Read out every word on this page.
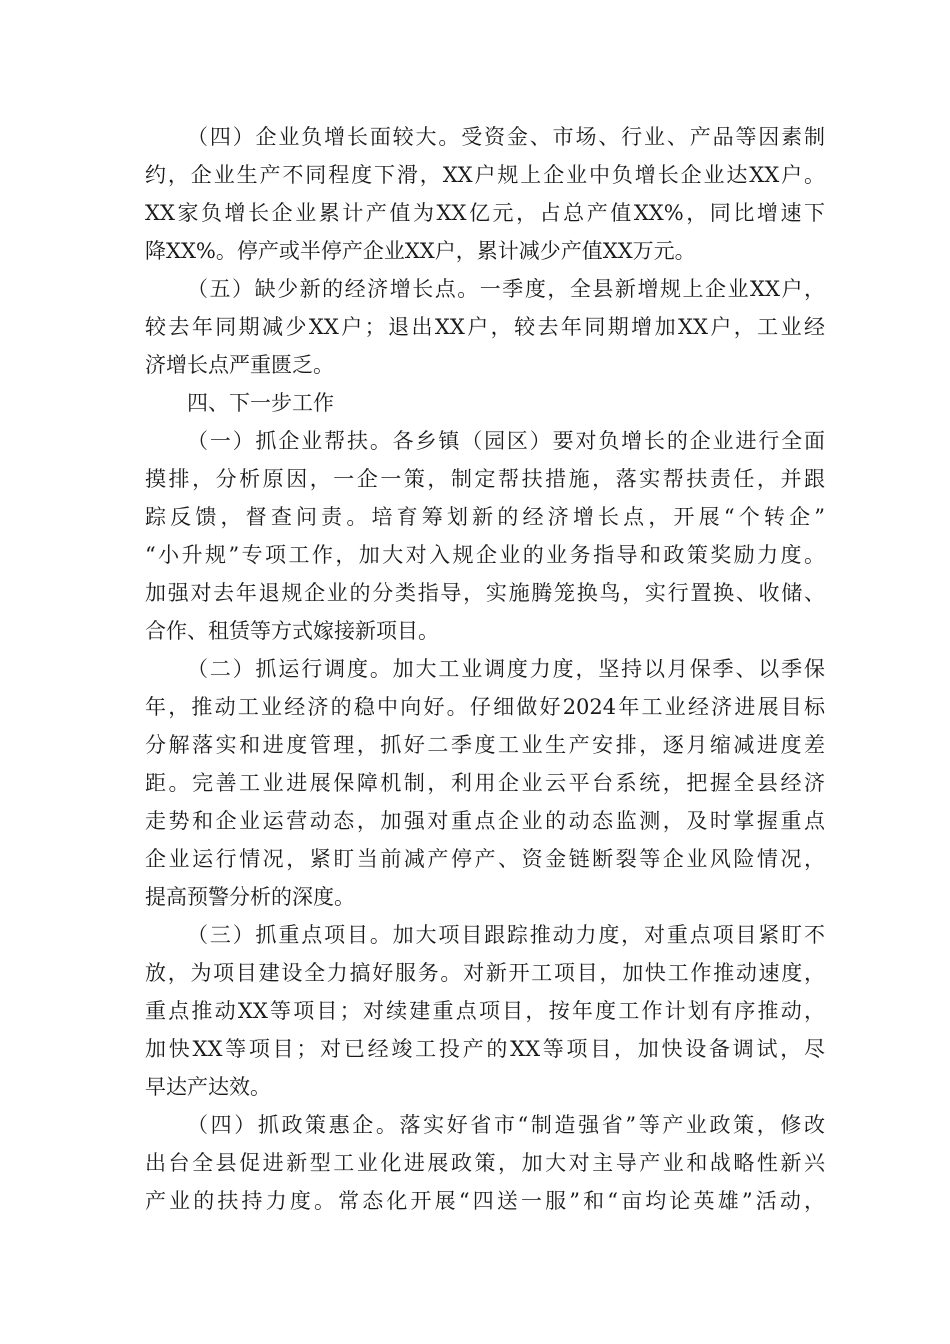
（四）企业负增长面较大。受资金、市场、行业、产品等因素制
约，企业生产不同程度下滑，XX户规上企业中负增长企业达XX户。
XX家负增长企业累计产值为XX亿元，占总产值XX%，同比增速下
降XX%。停产或半停产企业XX户，累计减少产值XX万元。
（五）缺少新的经济增长点。一季度，全县新增规上企业XX户，
较去年同期减少XX户；退出XX户，较去年同期增加XX户，工业经
济增长点严重匮乏。
四、下一步工作
（一）抓企业帮扶。各乡镇（园区）要对负增长的企业进行全面
摸排，分析原因，一企一策，制定帮扶措施，落实帮扶责任，并跟
踪反馈，督查问责。培育筹划新的经济增长点，开展“个转企”
“小升规”专项工作，加大对入规企业的业务指导和政策奖励力度。
加强对去年退规企业的分类指导，实施腾笼换鸟，实行置换、收储、
合作、租赁等方式嫁接新项目。
（二）抓运行调度。加大工业调度力度，坚持以月保季、以季保
年，推动工业经济的稳中向好。仔细做好2024年工业经济进展目标
分解落实和进度管理，抓好二季度工业生产安排，逐月缩减进度差
距。完善工业进展保障机制，利用企业云平台系统，把握全县经济
走势和企业运营动态，加强对重点企业的动态监测，及时掌握重点
企业运行情况，紧盯当前减产停产、资金链断裂等企业风险情况，
提高预警分析的深度。
（三）抓重点项目。加大项目跟踪推动力度，对重点项目紧盯不
放，为项目建设全力搞好服务。对新开工项目，加快工作推动速度，
重点推动XX等项目；对续建重点项目，按年度工作计划有序推动，
加快XX等项目；对已经竣工投产的XX等项目，加快设备调试，尽
早达产达效。
（四）抓政策惠企。落实好省市“制造强省”等产业政策，修改
出台全县促进新型工业化进展政策，加大对主导产业和战略性新兴
产业的扶持力度。常态化开展“四送一服”和“亩均论英雄”活动，
